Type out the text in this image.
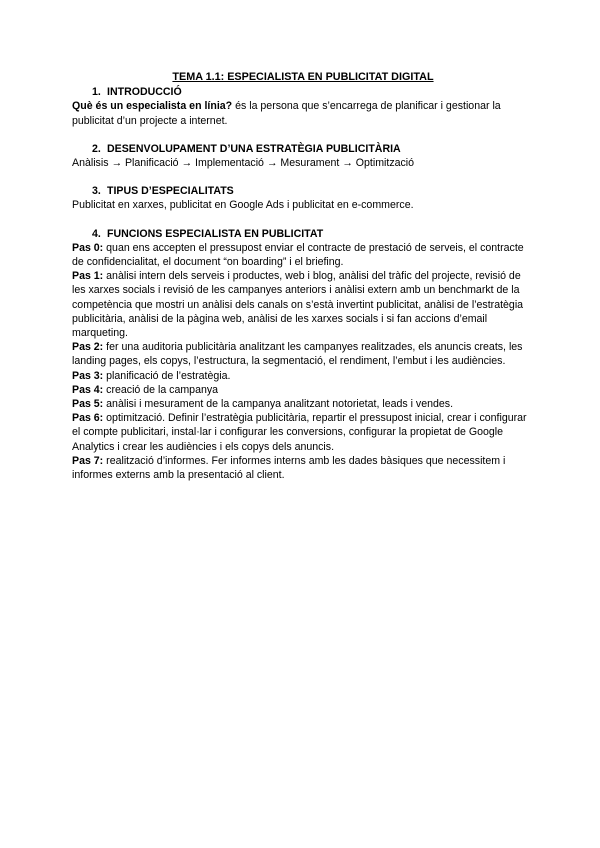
TEMA 1.1: ESPECIALISTA EN PUBLICITAT DIGITAL
1. INTRODUCCIÓ

Què és un especialista en línia? és la persona que s’encarrega de planificar i gestionar la publicitat d’un projecte a internet.

2. DESENVOLUPAMENT D’UNA ESTRATÈGIA PUBLICITÀRIA

Anàlisis → Planificació → Implementació → Mesurament → Optimització

3. TIPUS D’ESPECIALITATS

Publicitat en xarxes, publicitat en Google Ads i publicitat en e-commerce.

4. FUNCIONS ESPECIALISTA EN PUBLICITAT

Pas 0: quan ens accepten el pressupost enviar el contracte de prestació de serveis, el contracte de confidencialitat, el document “on boarding” i el briefing.

Pas 1: anàlisi intern dels serveis i productes, web i blog, anàlisi del tràfic del projecte, revisió de les xarxes socials i revisió de les campanyes anteriors i anàlisi extern amb un benchmarkt de la competència que mostri un anàlisi dels canals on s’està invertint publicitat, anàlisi de l’estratègia publicitària, anàlisi de la pàgina web, anàlisi de les xarxes socials i si fan accions d’email marqueting.

Pas 2: fer una auditoria publicitària analitzant les campanyes realitzades, els anuncis creats, les landing pages, els copys, l’estructura, la segmentació, el rendiment, l’embut i les audiències.

Pas 3: planificació de l’estratègia.

Pas 4: creació de la campanya

Pas 5: anàlisi i mesurament de la campanya analitzant notorietat, leads i vendes.

Pas 6: optimització. Definir l’estratègia publicitària, repartir el pressupost inicial, crear i configurar el compte publicitari, instal·lar i configurar les conversions, configurar la propietat de Google Analytics i crear les audiències i els copys dels anuncis.

Pas 7: realització d’informes. Fer informes interns amb les dades bàsiques que necessitem i informes externs amb la presentació al client.
